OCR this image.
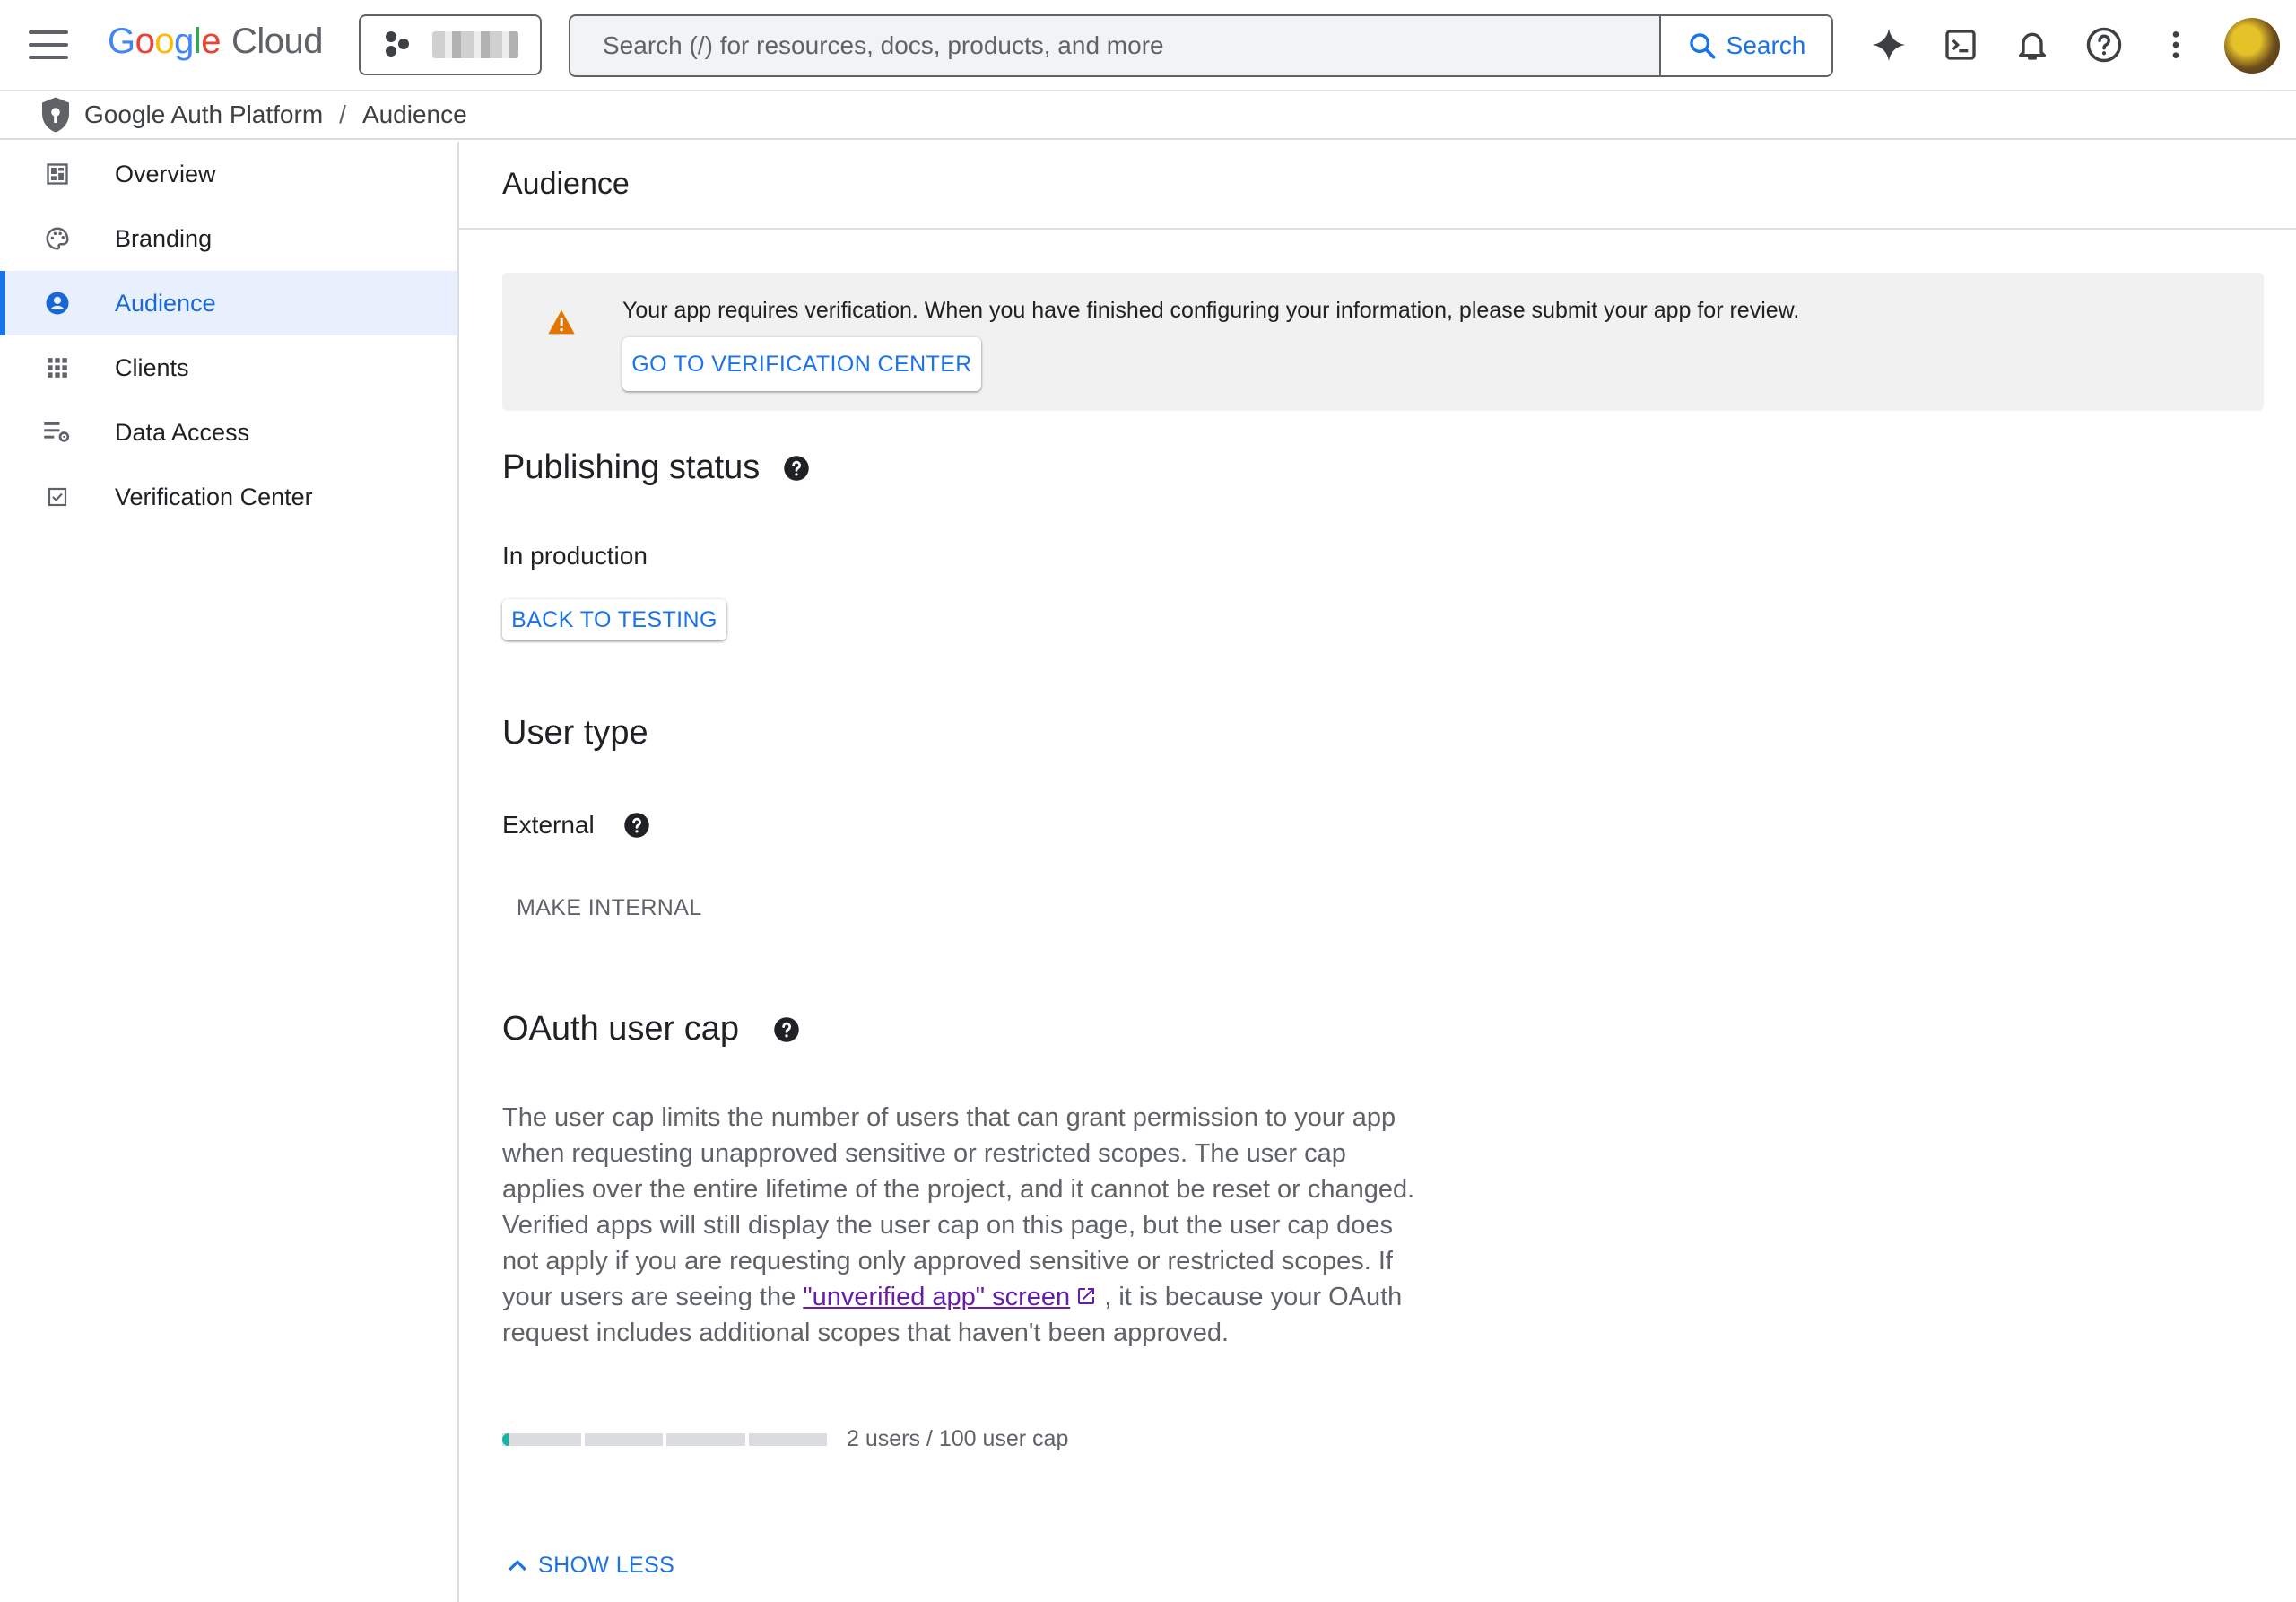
Google Cloud
Search (/) for resources, docs, products, and more	Search
Google Auth Platform / Audience
Overview
Branding
Audience
Clients
Data Access
Verification Center
Audience
Your app requires verification. When you have finished configuring your information, please submit your app for review.
GO TO VERIFICATION CENTER
Publishing status
In production
BACK TO TESTING
User type
External
MAKE INTERNAL
OAuth user cap
The user cap limits the number of users that can grant permission to your app when requesting unapproved sensitive or restricted scopes. The user cap applies over the entire lifetime of the project, and it cannot be reset or changed. Verified apps will still display the user cap on this page, but the user cap does not apply if you are requesting only approved sensitive or restricted scopes. If your users are seeing the "unverified app" screen , it is because your OAuth request includes additional scopes that haven't been approved.
2 users / 100 user cap
SHOW LESS
